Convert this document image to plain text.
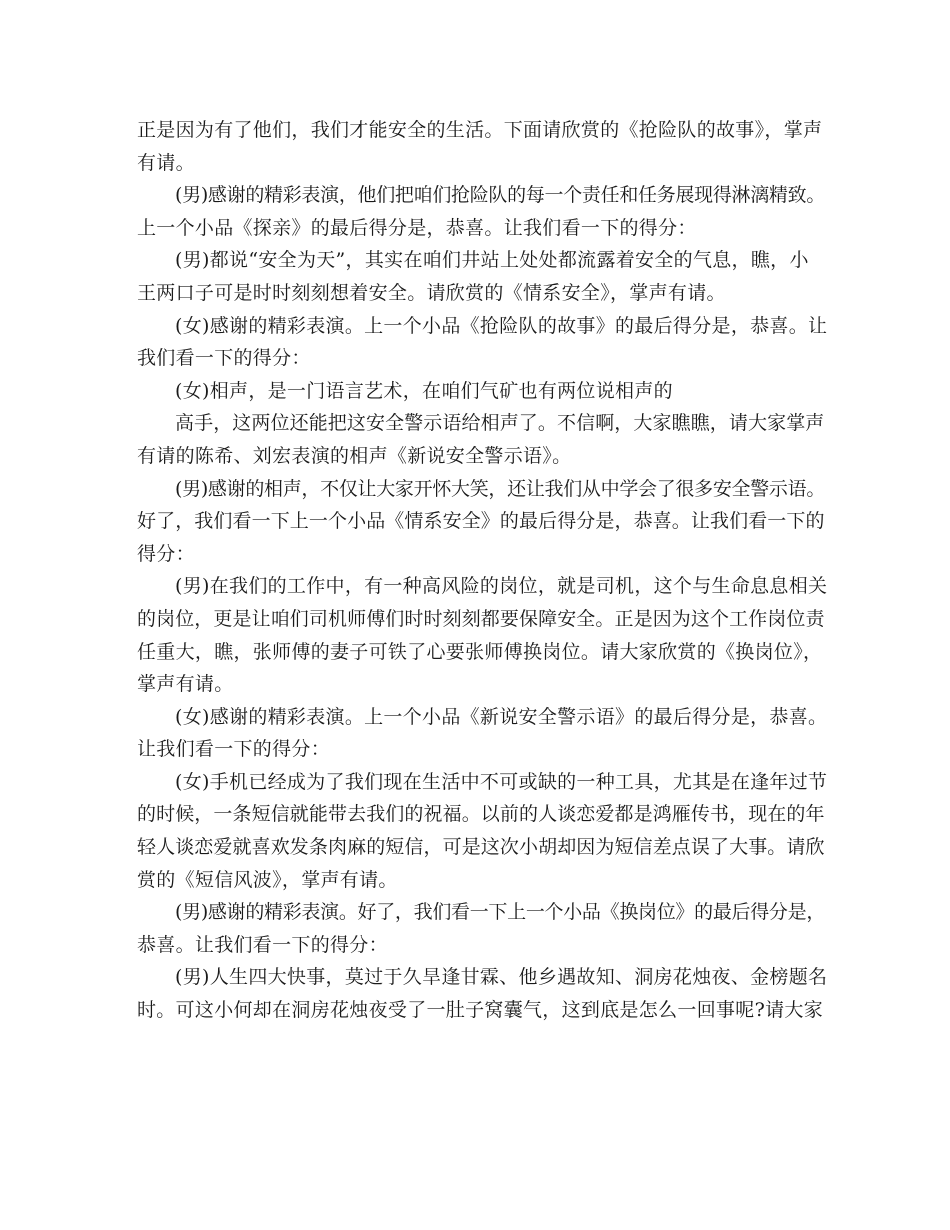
正是因为有了他们，我们才能安全的生活。下面请欣赏的《抢险队的故事》，掌声
有请。
(男)感谢的精彩表演，他们把咱们抢险队的每一个责任和任务展现得淋漓精致。
上一个小品《探亲》的最后得分是，恭喜。让我们看一下的得分：
(男)都说“安全为天”，其实在咱们井站上处处都流露着安全的气息，瞧，小
王两口子可是时时刻刻想着安全。请欣赏的《情系安全》，掌声有请。
(女)感谢的精彩表演。上一个小品《抢险队的故事》的最后得分是，恭喜。让
我们看一下的得分：
(女)相声，是一门语言艺术，在咱们气矿也有两位说相声的
高手，这两位还能把这安全警示语给相声了。不信啊，大家瞧瞧，请大家掌声
有请的陈希、刘宏表演的相声《新说安全警示语》。
(男)感谢的相声，不仅让大家开怀大笑，还让我们从中学会了很多安全警示语。
好了，我们看一下上一个小品《情系安全》的最后得分是，恭喜。让我们看一下的
得分：
(男)在我们的工作中，有一种高风险的岗位，就是司机，这个与生命息息相关
的岗位，更是让咱们司机师傅们时时刻刻都要保障安全。正是因为这个工作岗位责
任重大，瞧，张师傅的妻子可铁了心要张师傅换岗位。请大家欣赏的《换岗位》，
掌声有请。
(女)感谢的精彩表演。上一个小品《新说安全警示语》的最后得分是，恭喜。
让我们看一下的得分：
(女)手机已经成为了我们现在生活中不可或缺的一种工具，尤其是在逢年过节
的时候，一条短信就能带去我们的祝福。以前的人谈恋爱都是鸿雁传书，现在的年
轻人谈恋爱就喜欢发条肉麻的短信，可是这次小胡却因为短信差点误了大事。请欣
赏的《短信风波》，掌声有请。
(男)感谢的精彩表演。好了，我们看一下上一个小品《换岗位》的最后得分是，
恭喜。让我们看一下的得分：
(男)人生四大快事，莫过于久旱逢甘霖、他乡遇故知、洞房花烛夜、金榜题名
时。可这小何却在洞房花烛夜受了一肚子窝囊气，这到底是怎么一回事呢?请大家
